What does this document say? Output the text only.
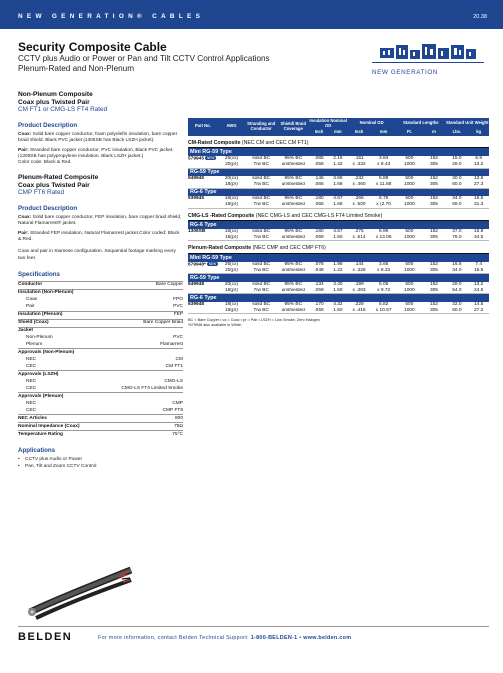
NEW GENERATION® CABLES	20.38
Security Composite Cable
CCTV plus Audio or Power or Pan and Tilt CCTV Control Applications
Plenum-Rated and Non-Plenum	NEW GENERATION
Non-Plenum Composite
Coax plus Twisted Pair
CM FT1 or CMG-LS FT4 Rated
Product Description

Coax: Solid bare copper conductor, foam polyolefin insulation, bare copper braid shield. Black PVC jacket (1306SB has Black LSZH jacket).

Pair: Stranded bare copper conductor, PVC insulation, Black PVC jacket. (1306SB has polypropylene insulation. Black LSZH jacket.)
Color code: Black & Red.

Plenum-Rated Composite
Coax plus Twisted Pair
CMP FT6 Rated
Product Description

Coax: Solid bare copper conductor, FEP insulation, bare copper braid shield, Natural Flamarrest® jacket.

Pair: Stranded FEP insulation, Natural Flamarrest jacket.Color coded: Black & Red.

Coax and pair in Siamese configuration. Sequential footage marking every two feet.

Specifications
Conductor	Bare Copper
Insulation (Non-Plenum)	
Coax	FPO
Pair	PVC
Insulation (Plenum)	FEP
Shield (Coax)	Bare Copper Braid
Jacket	
Non-Plenum	PVC
Plenum	Flamarrest
Approvals (Non-Plenum)	
NEC	CM
CEC	CM FT1
Approvals (LSZH)	
NEC	CMG-LS
CEC	CMG-LS FT4 Limited Smoke
Approvals (Plenum)	
NEC	CMP
CEC	CMP FT6
NEC Articles	800
Nominal Impedance (Coax)	75Ω
Temperature Rating	75°C
Applications
• CCTV plus Audio or Power
• Pan, Tilt and Zoom CCTV Control
Part No.	AWG	Stranding and Conductor	Shield/ Braid Coverage	Insulation Nominal OD		Nominal OD		Standard Lengths		Standard Unit Weight	
				Inch	mm	Inch	mm	Ft.	m	Lbs.	kg
CM-Rated Composite (NEC CM and CEC CM FT1)											
Mini RG-59 Type											
579945 NEW	25(cx)	solid BC	95% BC	.085	2.16	.151	3.84	500	152	15.0	6.8
	20(pr)	7/w BC	unshielded	.056	1.42	x .332	x 8.43	1000	305	29.0	13.2
RG-59 Type											
549945	20(cx)	solid BC	95% BC	.145	3.68	.232	5.89	500	152	30.0	13.6
	18(pr)	7/w BC	unshielded	.066	1.68	x .460	x 11.68	1000	305	60.0	27.3
RG-6 Type											
539945	18(cx)	solid BC	95% BC	.180	4.57	.266	6.76	500	152	34.0	15.5
	18(pr)	7/w BC	unshielded	.066	1.68	x .500	x (2.70	1000	305	69.0	31.3
CMG-LS -Rated Composite (NEC CMG-LS and CEC CMG-LS FT4 Limited Smoke)											
RG-6 Type											
1306SB	18(cx)	solid BC	95% BC	.180	4.57	.275	6.99	500	152	37.0	16.8
	18(pr)	7/w BC	unshielded	.059	1.50	x .514	x 13.06	1000	305	76.0	34.5
Plenum-Rated Composite (NEC CMP and CEC CMP FT6)											
Mini RG-59 Type											
679948* NEW	25(cx)	solid BC	95% BC	.078	1.98	.144	3.66	500	152	16.5	7.4
	20(pr)	7/w BC	unshielded	.048	1.22	x .328	x 8.33	1000	305	34.0	15.5
RG-59 Type											
649948	20(cx)	solid BC	95% BC	.134	3.40	.199	5.05	500	152	29.0	13.2
	18(pr)	7/w BC	unshielded	.059	1.50	x .383	x 9.72	1000	305	54.0	24.5
RG-6 Type											
639948	18(cx)	solid BC	95% BC	.170	4.32	.229	5.82	500	152	32.0	14.5
	18(pr)	7/w BC	unshielded	.059	1.50	x .416	x 10.57	1000	305	60.0	27.2
BC = Bare Copper • cx = Coax • pr = Pair • LSZH = Low Smoke, Zero Halogen
*679948 also available in White.
BELDEN	For more information, contact Belden Technical Support: 1-800-BELDEN-1 • www.belden.com
